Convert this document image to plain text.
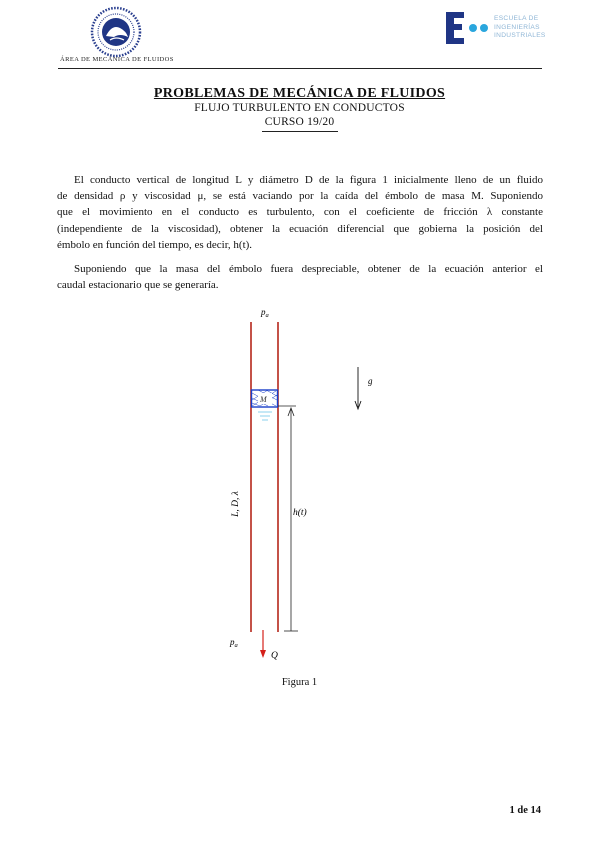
ÁREA DE MECÁNICA DE FLUIDOS
ESCUELA DE
INGENIERÍAS
INDUSTRIALES
PROBLEMAS DE MECÁNICA DE FLUIDOS
FLUJO TURBULENTO EN CONDUCTOS
CURSO 19/20
El conducto vertical de longitud L y diámetro D de la figura 1 inicialmente lleno de un fluido
de densidad ρ y viscosidad μ, se está vaciando por la caída del émbolo de masa M. Suponiendo
que el movimiento en el conducto es turbulento, con el coeficiente de fricción λ constante
(independiente de la viscosidad), obtener la ecuación diferencial que gobierna la posición del
émbolo en función del tiempo, es decir, h(t).
Suponiendo que la masa del émbolo fuera despreciable, obtener de la ecuación anterior el
caudal estacionario que se generaría.
$p_a$
M
g⃗
h(t)
L, D, λ
$p_a$
Q
Figura 1
1 de 14
